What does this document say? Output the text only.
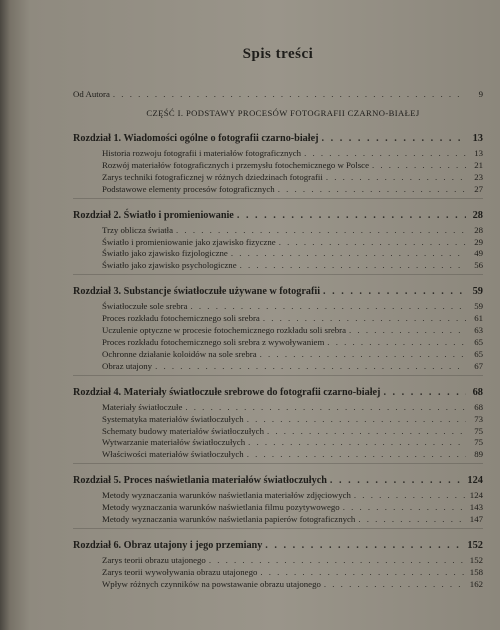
Spis treści
Od Autora . . .	9
CZĘŚĆ I. PODSTAWY PROCESÓW FOTOGRAFII CZARNO-BIAŁEJ
Rozdział 1. Wiadomości ogólne o fotografii czarno-białej . . .	13
Historia rozwoju fotografii i materiałów fotograficznych . . .	13
Rozwój materiałów fotograficznych i przemysłu fotochemicznego w Polsce . . .	21
Zarys techniki fotograficznej w różnych dziedzinach fotografii . . .	23
Podstawowe elementy procesów fotograficznych . . .	27
Rozdział 2. Światło i promieniowanie . . .	28
Trzy oblicza światła . . .	28
Światło i promieniowanie jako zjawisko fizyczne . . .	29
Światło jako zjawisko fizjologiczne . . .	49
Światło jako zjawisko psychologiczne . . .	56
Rozdział 3. Substancje światłoczułe używane w fotografii . . .	59
Światłoczułe sole srebra . . .	59
Proces rozkładu fotochemicznego soli srebra . . .	61
Uczulenie optyczne w procesie fotochemicznego rozkładu soli srebra . . .	63
Proces rozkładu fotochemicznego soli srebra z wywoływaniem . . .	65
Ochronne działanie koloidów na sole srebra . . .	65
Obraz utajony . . .	67
Rozdział 4. Materiały światłoczułe srebrowe do fotografii czarno-białej . . .	68
Materiały światłoczułe . . .	68
Systematyka materiałów światłoczułych . . .	73
Schematy budowy materiałów światłoczułych . . .	75
Wytwarzanie materiałów światłoczułych . . .	75
Właściwości materiałów światłoczułych . . .	89
Rozdział 5. Proces naświetlania materiałów światłoczułych . . .	124
Metody wyznaczania warunków naświetlania materiałów zdjęciowych . . .	124
Metody wyznaczania warunków naświetlania filmu pozytywowego . . .	143
Metody wyznaczania warunków naświetlania papierów fotograficznych . . .	147
Rozdział 6. Obraz utajony i jego przemiany . . .	152
Zarys teorii obrazu utajonego . . .	152
Zarys teorii wywoływania obrazu utajonego . . .	158
Wpływ różnych czynników na powstawanie obrazu utajonego . . .	162
